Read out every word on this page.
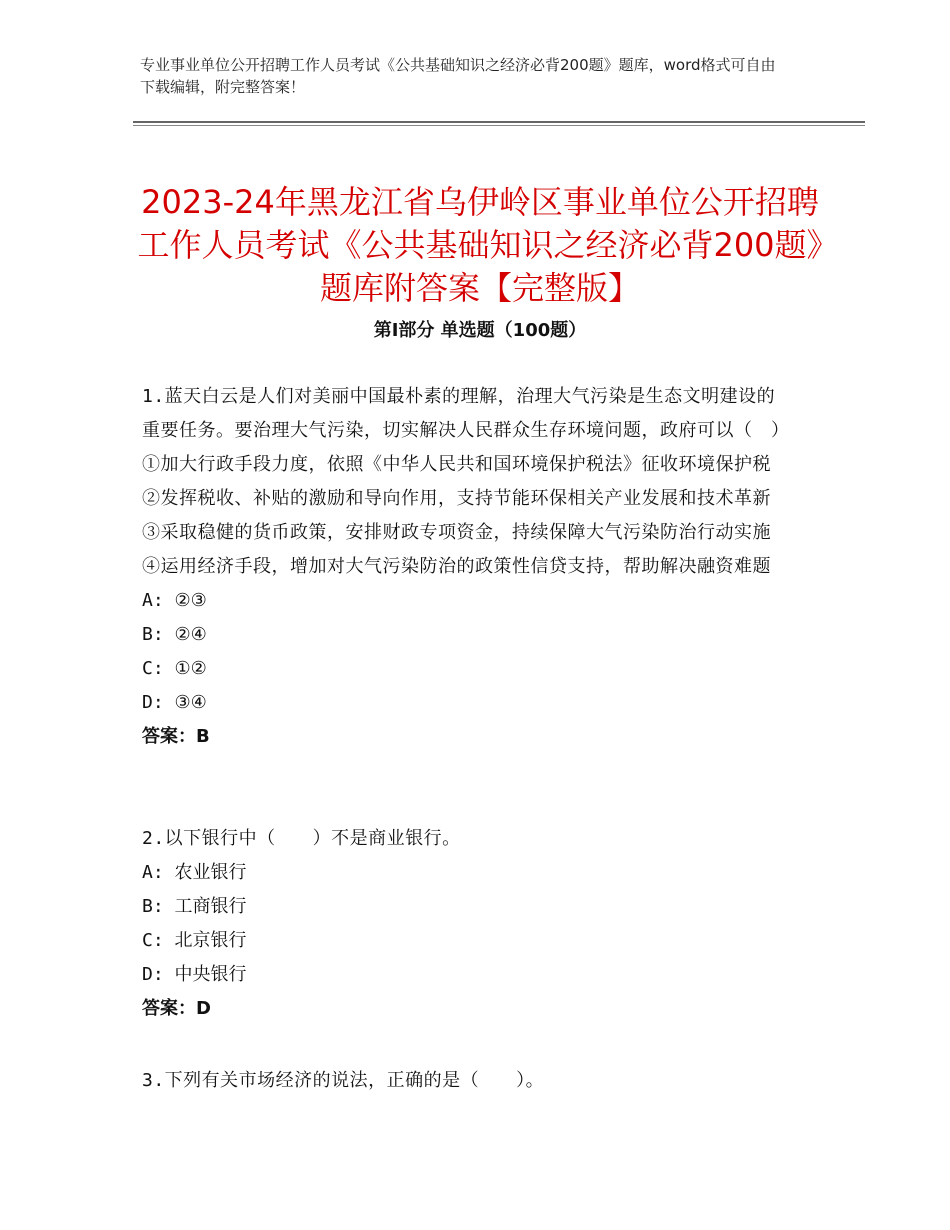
专业事业单位公开招聘工作人员考试《公共基础知识之经济必背200题》题库，word格式可自由下载编辑，附完整答案！
2023-24年黑龙江省乌伊岭区事业单位公开招聘工作人员考试《公共基础知识之经济必背200题》题库附答案【完整版】
第Ⅰ部分 单选题（100题）

1.蓝天白云是人们对美丽中国最朴素的理解，治理大气污染是生态文明建设的重要任务。要治理大气污染，切实解决人民群众生存环境问题，政府可以（　）①加大行政手段力度，依照《中华人民共和国环境保护税法》征收环境保护税②发挥税收、补贴的激励和导向作用，支持节能环保相关产业发展和技术革新③采取稳健的货币政策，安排财政专项资金，持续保障大气污染防治行动实施④运用经济手段，增加对大气污染防治的政策性信贷支持，帮助解决融资难题

A: ②③

B: ②④

C: ①②

D: ③④

答案：B

2.以下银行中（　　）不是商业银行。

A: 农业银行

B: 工商银行

C: 北京银行

D: 中央银行

答案：D

3.下列有关市场经济的说法，正确的是（　　）。
